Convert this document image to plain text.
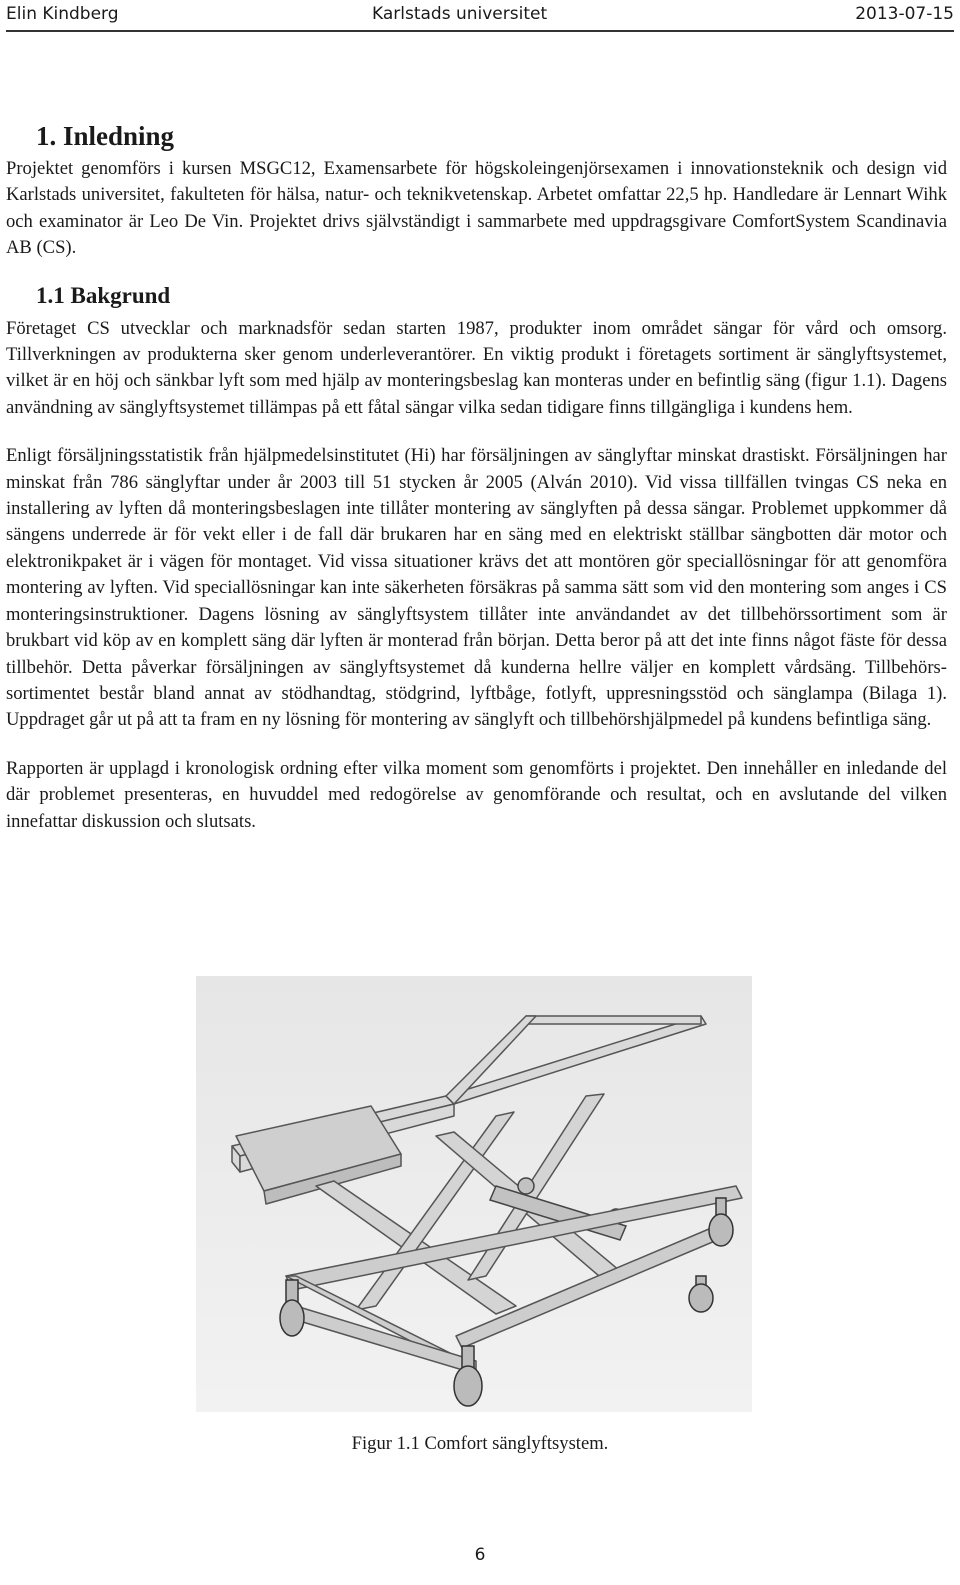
Elin Kindberg	Karlstads universitet	2013-07-15
1. Inledning

Projektet genomförs i kursen MSGC12, Examensarbete för högskoleingenjörsexamen i innovationsteknik och design vid Karlstads universitet, fakulteten för hälsa, natur- och teknikvetenskap. Arbetet omfattar 22,5 hp. Handledare är Lennart Wihk och examinator är Leo De Vin. Projektet drivs självständigt i sammarbete med uppdragsgivare ComfortSystem Scandinavia AB (CS).

1.1 Bakgrund

Företaget CS utvecklar och marknadsför sedan starten 1987, produkter inom området sängar för vård och omsorg. Tillverkningen av produkterna sker genom underleverantörer. En viktig produkt i företagets sortiment är sänglyftsystemet, vilket är en höj och sänkbar lyft som med hjälp av monteringsbeslag kan monteras under en befintlig säng (figur 1.1). Dagens användning av sänglyftsystemet tillämpas på ett fåtal sängar vilka sedan tidigare finns tillgängliga i kundens hem.

Enligt försäljningsstatistik från hjälpmedelsinstitutet (Hi) har försäljningen av sänglyftar minskat drastiskt. Försäljningen har minskat från 786 sänglyftar under år 2003 till 51 stycken år 2005 (Alván 2010). Vid vissa tillfällen tvingas CS neka en installering av lyften då monteringsbeslagen inte tillåter montering av sänglyften på dessa sängar. Problemet uppkommer då sängens underrede är för vekt eller i de fall där brukaren har en säng med en elektriskt ställbar sängbotten där motor och elektronikpaket är i vägen för montaget. Vid vissa situationer krävs det att montören gör speciallösningar för att genomföra montering av lyften. Vid speciallösningar kan inte säkerheten försäkras på samma sätt som vid den montering som anges i CS monteringsinstruktioner. Dagens lösning av sänglyftsystem tillåter inte användandet av det tillbehörssortiment som är brukbart vid köp av en komplett säng där lyften är monterad från början. Detta beror på att det inte finns något fäste för dessa tillbehör. Detta påverkar försäljningen av sänglyftsystemet då kunderna hellre väljer en komplett vårdsäng. Tillbehörssortimentet består bland annat av stödhandtag, stödgrind, lyftbåge, fotlyft, uppresningsstöd och sänglampa (Bilaga 1). Uppdraget går ut på att ta fram en ny lösning för montering av sänglyft och tillbehörshjälpmedel på kundens befintliga säng.

Rapporten är upplagd i kronologisk ordning efter vilka moment som genomförts i projektet. Den innehåller en inledande del där problemet presenteras, en huvuddel med redogörelse av genomförande och resultat, och en avslutande del vilken innefattar diskussion och slutsats.

Figur 1.1 Comfort sänglyftsystem.
6
